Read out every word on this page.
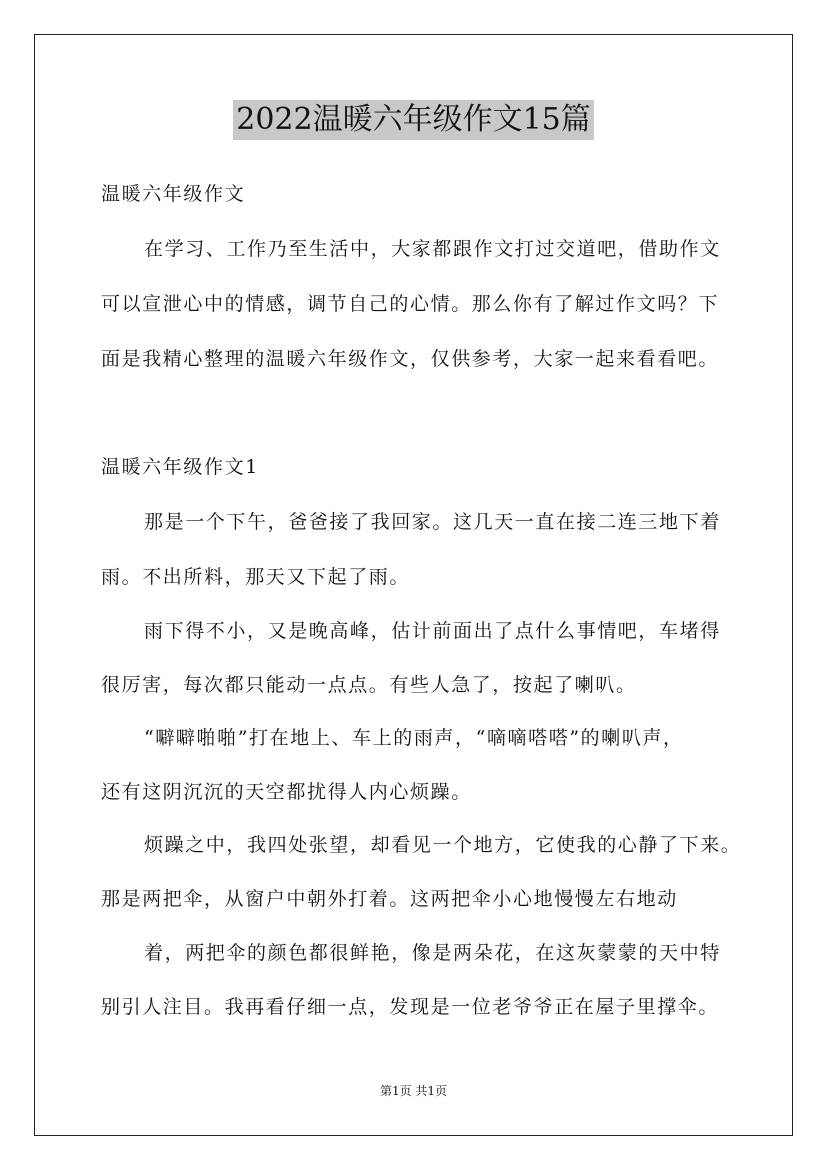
2022温暖六年级作文15篇
温暖六年级作文
在学习、工作乃至生活中，大家都跟作文打过交道吧，借助作文
可以宣泄心中的情感，调节自己的心情。那么你有了解过作文吗？下
面是我精心整理的温暖六年级作文，仅供参考，大家一起来看看吧。
温暖六年级作文1
那是一个下午，爸爸接了我回家。这几天一直在接二连三地下着
雨。不出所料，那天又下起了雨。
雨下得不小，又是晚高峰，估计前面出了点什么事情吧，车堵得
很厉害，每次都只能动一点点。有些人急了，按起了喇叭。
“噼噼啪啪”打在地上、车上的雨声，“嘀嘀嗒嗒”的喇叭声，
还有这阴沉沉的天空都扰得人内心烦躁。
烦躁之中，我四处张望，却看见一个地方，它使我的心静了下来。
那是两把伞，从窗户中朝外打着。这两把伞小心地慢慢左右地动
着，两把伞的颜色都很鲜艳，像是两朵花，在这灰蒙蒙的天中特
别引人注目。我再看仔细一点，发现是一位老爷爷正在屋子里撑伞。
第1页 共1页
